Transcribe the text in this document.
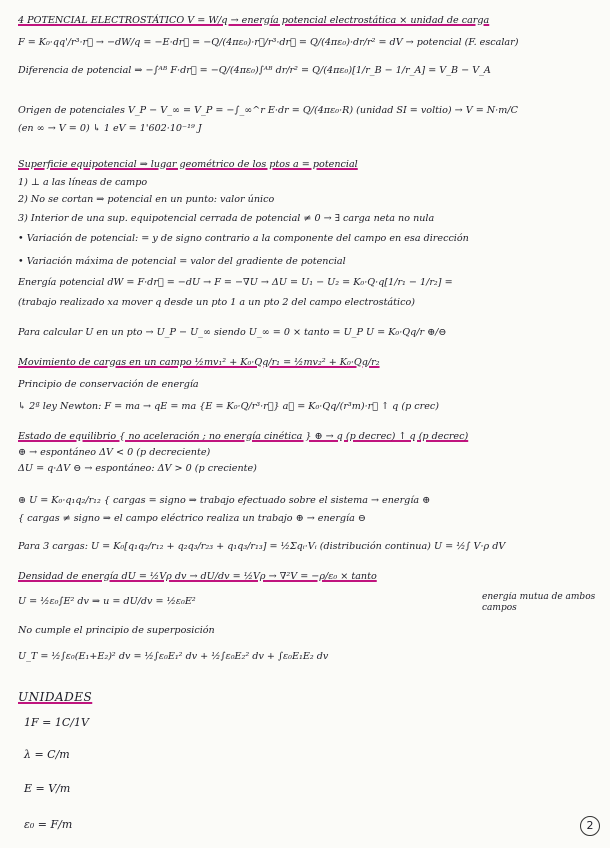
4 POTENCIAL ELECTROSTÁTICO V = W/q → energía potencial electrostática × unidad de carga
F = K₀·qq'/r³·r⃗ → −dW/q = −E·dr⃗ = −Q/(4πε₀)·r⃗/r³·dr⃗ = Q/(4πε₀)·dr/r² = dV → potencial (F. escalar)
Diferencia de potencial ⇒ −∫ᴬᴮ F·dr⃗ = −Q/(4πε₀)∫ᴬᴮ dr/r² = Q/(4πε₀)[1/r_B − 1/r_A] = V_B − V_A
Origen de potenciales V_P − V_∞ = V_P = −∫_∞^r E·dr = Q/(4πε₀·R) (unidad SI = voltio) → V = N·m/C
(en ∞ → V = 0) ↳ 1 eV = 1'602·10⁻¹⁹ J
Superficie equipotencial ⇒ lugar geométrico de los ptos a = potencial
1) ⊥ a las líneas de campo
2) No se cortan ⇒ potencial en un punto: valor único
3) Interior de una sup. equipotencial cerrada de potencial ≠ 0 → ∃ carga neta no nula
• Variación de potencial: = y de signo contrario a la componente del campo en esa dirección
• Variación máxima de potencial = valor del gradiente de potencial
Energía potencial dW = F·dr⃗ = −dU → F = −∇U → ΔU = U₁ − U₂ = K₀·Q·q[1/r₁ − 1/r₂] =
(trabajo realizado xa mover q desde un pto 1 a un pto 2 del campo electrostático)
Para calcular U en un pto → U_P − U_∞ siendo U_∞ = 0 × tanto = U_P U = K₀·Qq/r ⊕/⊖
Movimiento de cargas en un campo ½mv₁² + K₀·Qq/r₁ = ½mv₂² + K₀·Qq/r₂
Principio de conservación de energía
↳ 2ª ley Newton: F = ma → qE = ma {E = K₀·Q/r³·r⃗} a⃗ = K₀·Qq/(r³m)·r⃗ ↑ q (p crec)
Estado de equilibrio { no aceleración ; no energía cinética } ⊕ → q (p decrec) ↑ q (p decrec)
⊕ → espontáneo ΔV < 0 (p decreciente)
ΔU = q·ΔV ⊖ → espontáneo: ΔV > 0 (p creciente)
⊛ U = K₀·q₁q₂/r₁₂ { cargas = signo ⇒ trabajo efectuado sobre el sistema → energía ⊕
{ cargas ≠ signo ⇒ el campo eléctrico realiza un trabajo ⊕ → energía ⊖
Para 3 cargas: U = K₀[q₁q₂/r₁₂ + q₂q₃/r₂₃ + q₁q₃/r₁₃] = ½Σqᵢ·Vᵢ (distribución continua) U = ½∫ V·ρ dV
Densidad de energía dU = ½Vρ dv → dU/dv = ½Vρ → ∇²V = −ρ/ε₀ × tanto
U = ½ε₀∫E² dv ⇒ u = dU/dv = ½ε₀E²
No cumple el principio de superposición
U_T = ½∫ε₀(E₁+E₂)² dv = ½∫ε₀E₁² dv + ½∫ε₀E₂² dv + ∫ε₀E₁E₂ dv
energía mutua de ambos campos
UNIDADES
1F = 1C/1V
λ = C/m
E = V/m
ε₀ = F/m	2
